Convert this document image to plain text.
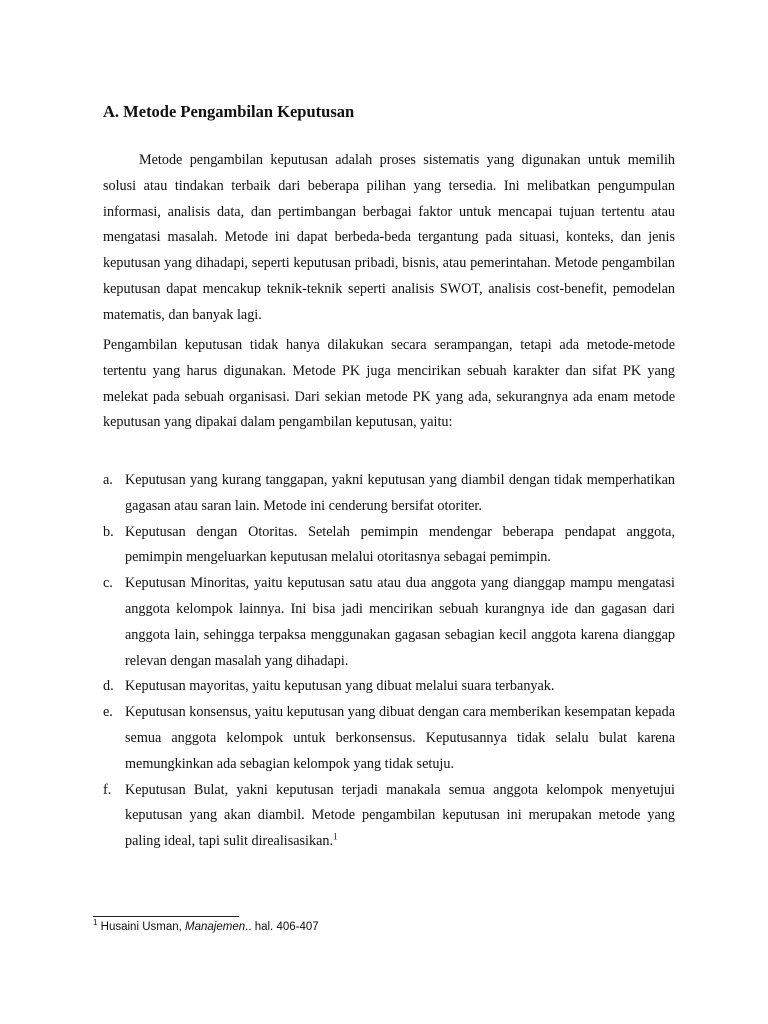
A. Metode Pengambilan Keputusan

Metode pengambilan keputusan adalah proses sistematis yang digunakan untuk memilih solusi atau tindakan terbaik dari beberapa pilihan yang tersedia. Ini melibatkan pengumpulan informasi, analisis data, dan pertimbangan berbagai faktor untuk mencapai tujuan tertentu atau mengatasi masalah. Metode ini dapat berbeda-beda tergantung pada situasi, konteks, dan jenis keputusan yang dihadapi, seperti keputusan pribadi, bisnis, atau pemerintahan. Metode pengambilan keputusan dapat mencakup teknik-teknik seperti analisis SWOT, analisis cost-benefit, pemodelan matematis, dan banyak lagi.

Pengambilan keputusan tidak hanya dilakukan secara serampangan, tetapi ada metode-metode tertentu yang harus digunakan. Metode PK juga mencirikan sebuah karakter dan sifat PK yang melekat pada sebuah organisasi. Dari sekian metode PK yang ada, sekurangnya ada enam metode keputusan yang dipakai dalam pengambilan keputusan, yaitu:

a. Keputusan yang kurang tanggapan, yakni keputusan yang diambil dengan tidak memperhatikan gagasan atau saran lain. Metode ini cenderung bersifat otoriter.
b. Keputusan dengan Otoritas. Setelah pemimpin mendengar beberapa pendapat anggota, pemimpin mengeluarkan keputusan melalui otoritasnya sebagai pemimpin.
c. Keputusan Minoritas, yaitu keputusan satu atau dua anggota yang dianggap mampu mengatasi anggota kelompok lainnya. Ini bisa jadi mencirikan sebuah kurangnya ide dan gagasan dari anggota lain, sehingga terpaksa menggunakan gagasan sebagian kecil anggota karena dianggap relevan dengan masalah yang dihadapi.
d. Keputusan mayoritas, yaitu keputusan yang dibuat melalui suara terbanyak.
e. Keputusan konsensus, yaitu keputusan yang dibuat dengan cara memberikan kesempatan kepada semua anggota kelompok untuk berkonsensus. Keputusannya tidak selalu bulat karena memungkinkan ada sebagian kelompok yang tidak setuju.
f. Keputusan Bulat, yakni keputusan terjadi manakala semua anggota kelompok menyetujui keputusan yang akan diambil. Metode pengambilan keputusan ini merupakan metode yang paling ideal, tapi sulit direalisasikan.$^1$

$^1$ Husaini Usman, Manajemen.. hal. 406-407
